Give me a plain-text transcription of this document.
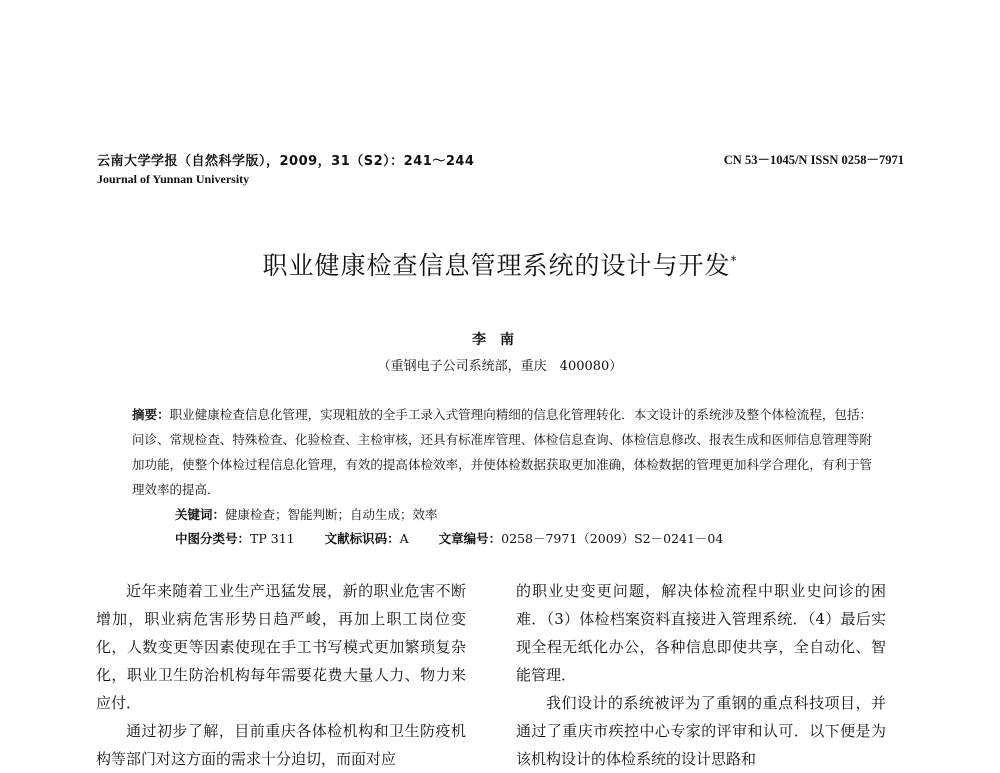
云南大学学报（自然科学版），2009，31（S2）：241～244
Journal of Yunnan University
CN 53－1045/N ISSN 0258－7971
职业健康检查信息管理系统的设计与开发*
李南
（重钢电子公司系统部，重庆　400080）
摘要：职业健康检查信息化管理，实现粗放的全手工录入式管理向精细的信息化管理转化．本文设计的系统涉及整个体检流程，包括：问诊、常规检查、特殊检查、化验检查、主检审核，还具有标准库管理、体检信息查询、体检信息修改、报表生成和医师信息管理等附加功能，使整个体检过程信息化管理，有效的提高体检效率，并使体检数据获取更加准确，体检数据的管理更加科学合理化，有利于管理效率的提高．
关键词：健康检查；智能判断；自动生成；效率
中图分类号：TP 311 文献标识码：A 文章编号：0258－7971（2009）S2－0241－04

近年来随着工业生产迅猛发展，新的职业危害不断增加，职业病危害形势日趋严峻，再加上职工岗位变化，人数变更等因素使现在手工书写模式更加繁琐复杂化，职业卫生防治机构每年需要花费大量人力、物力来应付．

通过初步了解，目前重庆各体检机构和卫生防疫机构等部门对这方面的需求十分迫切，而面对应

的职业史变更问题，解决体检流程中职业史问诊的困难．（3）体检档案资料直接进入管理系统．（4）最后实现全程无纸化办公，各种信息即使共享，全自动化、智能管理．

我们设计的系统被评为了重钢的重点科技项目，并通过了重庆市疾控中心专家的评审和认可．以下便是为该机构设计的体检系统的设计思路和
